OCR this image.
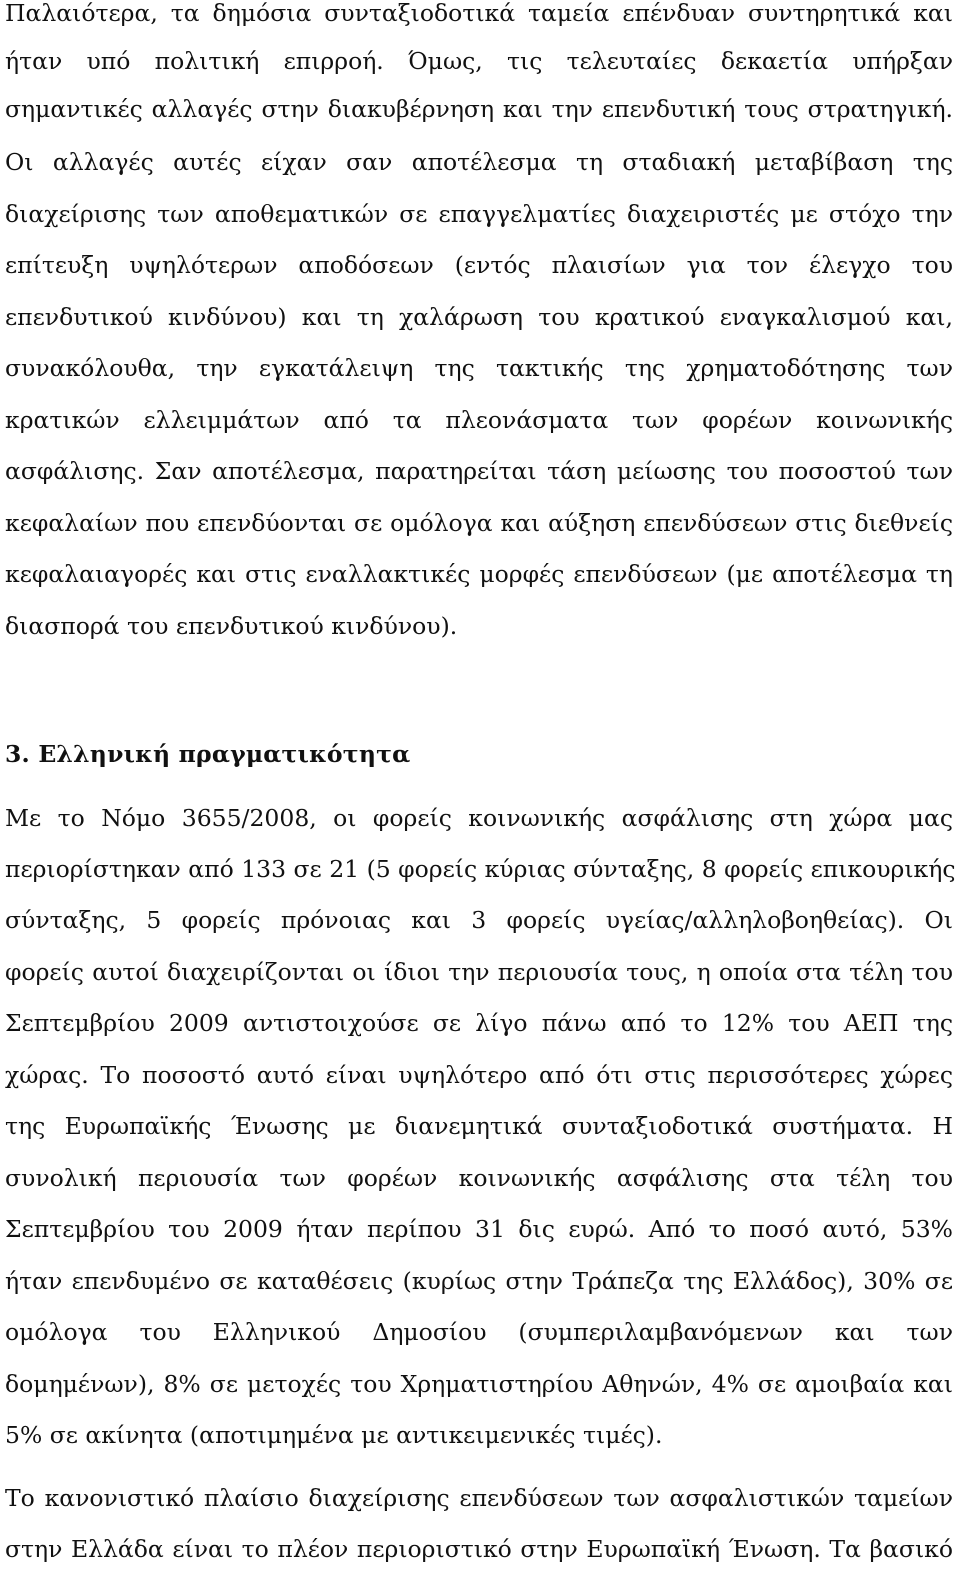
Παλαιότερα, τα δημόσια συνταξιοδοτικά ταμεία επένδυαν συντηρητικά και
ήταν υπό πολιτική επιρροή. Όμως, τις τελευταίες δεκαετία υπήρξαν
σημαντικές αλλαγές στην διακυβέρνηση και την επενδυτική τους στρατηγική.
Οι αλλαγές αυτές είχαν σαν αποτέλεσμα τη σταδιακή μεταβίβαση της
διαχείρισης των αποθεματικών σε επαγγελματίες διαχειριστές με στόχο την
επίτευξη υψηλότερων αποδόσεων (εντός πλαισίων για τον έλεγχο του
επενδυτικού κινδύνου) και τη χαλάρωση του κρατικού εναγκαλισμού και,
συνακόλουθα, την εγκατάλειψη της τακτικής της χρηματοδότησης των
κρατικών ελλειμμάτων από τα πλεονάσματα των φορέων κοινωνικής
ασφάλισης. Σαν αποτέλεσμα, παρατηρείται τάση μείωσης του ποσοστού των
κεφαλαίων που επενδύονται σε ομόλογα και αύξηση επενδύσεων στις διεθνείς
κεφαλαιαγορές και στις εναλλακτικές μορφές επενδύσεων (με αποτέλεσμα τη
διασπορά του επενδυτικού κινδύνου).
3. Ελληνική πραγματικότητα
Με το Νόμο 3655/2008, οι φορείς κοινωνικής ασφάλισης στη χώρα μας
περιορίστηκαν από 133 σε 21 (5 φορείς κύριας σύνταξης, 8 φορείς επικουρικής
σύνταξης, 5 φορείς πρόνοιας και 3 φορείς υγείας/αλληλοβοηθείας). Οι
φορείς αυτοί διαχειρίζονται οι ίδιοι την περιουσία τους, η οποία στα τέλη του
Σεπτεμβρίου 2009 αντιστοιχούσε σε λίγο πάνω από το 12% του ΑΕΠ της
χώρας. Το ποσοστό αυτό είναι υψηλότερο από ότι στις περισσότερες χώρες
της Ευρωπαϊκής Ένωσης με διανεμητικά συνταξιοδοτικά συστήματα. Η
συνολική περιουσία των φορέων κοινωνικής ασφάλισης στα τέλη του
Σεπτεμβρίου του 2009 ήταν περίπου 31 δις ευρώ. Από το ποσό αυτό, 53%
ήταν επενδυμένο σε καταθέσεις (κυρίως στην Τράπεζα της Ελλάδος), 30% σε
ομόλογα του Ελληνικού Δημοσίου (συμπεριλαμβανόμενων και των
δομημένων), 8% σε μετοχές του Χρηματιστηρίου Αθηνών, 4% σε αμοιβαία και
5% σε ακίνητα (αποτιμημένα με αντικειμενικές τιμές).
Το κανονιστικό πλαίσιο διαχείρισης επενδύσεων των ασφαλιστικών ταμείων
στην Ελλάδα είναι το πλέον περιοριστικό στην Ευρωπαϊκή Ένωση. Τα βασικό
